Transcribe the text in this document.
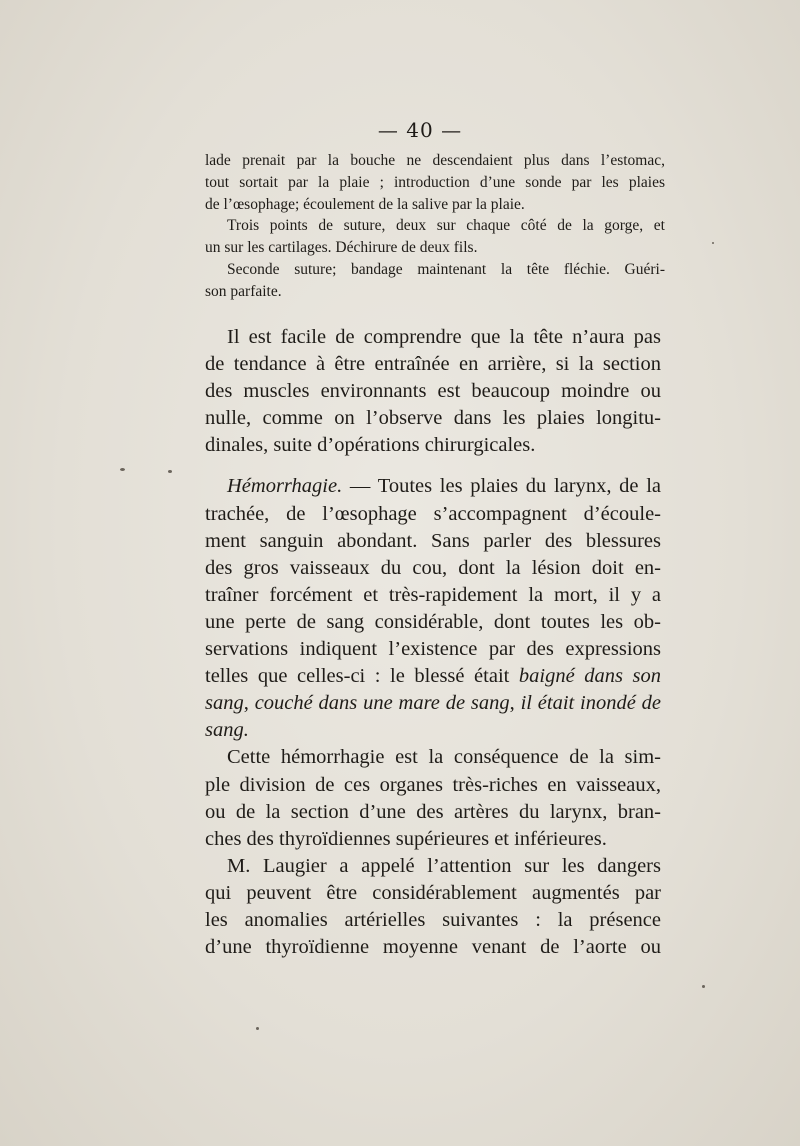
— 40 —
lade prenait par la bouche ne descendaient plus dans l’estomac,
tout sortait par la plaie ; introduction d’une sonde par les plaies
de l’œsophage; écoulement de la salive par la plaie.
Trois points de suture, deux sur chaque côté de la gorge, et
un sur les cartilages. Déchirure de deux fils.
Seconde suture; bandage maintenant la tête fléchie. Guéri-
son parfaite.
Il est facile de comprendre que la tête n’aura pas
de tendance à être entraînée en arrière, si la section
des muscles environnants est beaucoup moindre ou
nulle, comme on l’observe dans les plaies longitu-
dinales, suite d’opérations chirurgicales.
Hémorrhagie. — Toutes les plaies du larynx, de la
trachée, de l’œsophage s’accompagnent d’écoule-
ment sanguin abondant. Sans parler des blessures
des gros vaisseaux du cou, dont la lésion doit en-
traîner forcément et très-rapidement la mort, il y a
une perte de sang considérable, dont toutes les ob-
servations indiquent l’existence par des expressions
telles que celles-ci : le blessé était baigné dans son
sang, couché dans une mare de sang, il était inondé de
sang.
Cette hémorrhagie est la conséquence de la sim-
ple division de ces organes très-riches en vaisseaux,
ou de la section d’une des artères du larynx, bran-
ches des thyroïdiennes supérieures et inférieures.
M. Laugier a appelé l’attention sur les dangers
qui peuvent être considérablement augmentés par
les anomalies artérielles suivantes : la présence
d’une thyroïdienne moyenne venant de l’aorte ou
